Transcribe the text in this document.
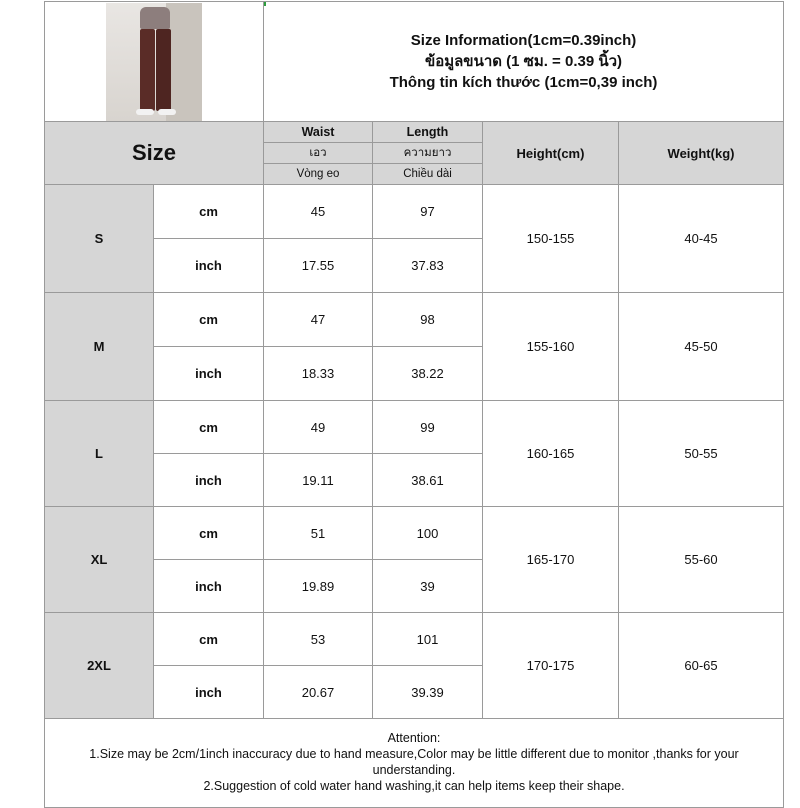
		Size Information(1cm=0.39inch)
ข้อมูลขนาด (1 ซม. = 0.39 นิ้ว)
Thông tin kích thước (1cm=0,39 inch)			

Size		Waist	Length	Height(cm)	Weight(kg)
		เอว	ความยาว		
		Vòng eo	Chiều dài		
S	cm	45	97	150-155	40-45
	inch	17.55	37.83		
M	cm	47	98	155-160	45-50
	inch	18.33	38.22		
L	cm	49	99	160-165	50-55
	inch	19.11	38.61		
XL	cm	51	100	165-170	55-60
	inch	19.89	39		
2XL	cm	53	101	170-175	60-65
	inch	20.67	39.39		

Attention:
1.Size may be 2cm/1inch inaccuracy due to hand measure,Color may be little different due to monitor ,thanks for your understanding.
2.Suggestion of cold water hand washing,it can help items keep their shape.					
